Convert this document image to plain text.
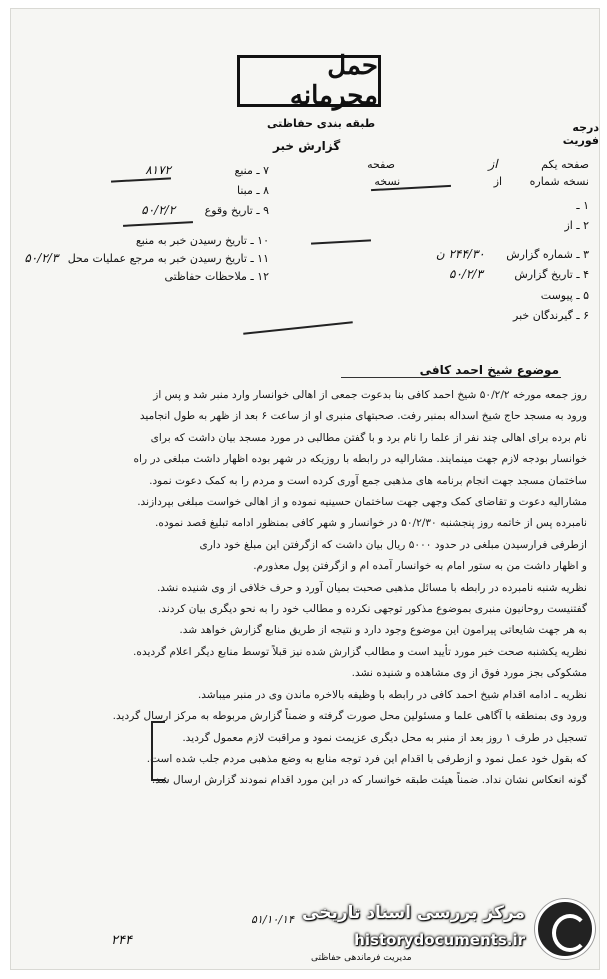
حمل محرمانه
طبقه بندی حفاظتی
گزارش خبر
درجه فوریت
صفحه یکم از صفحه
نسخه شماره از نسخه
۱ ـ
۲ ـ از
۳ ـ شماره گزارش ۲۴۴/۳۰ ن
۴ ـ تاریخ گزارش ۵۰/۲/۳
۵ ـ پیوست
۶ ـ گیرندگان خبر
۷ ـ منبع ۸۱۷۲
۸ ـ مبنا
۹ ـ تاریخ وقوع ۵۰/۲/۲
۱۰ ـ تاریخ رسیدن خبر به منبع
۱۱ ـ تاریخ رسیدن خبر به مرجع عملیات محل ۵۰/۲/۳
۱۲ ـ ملاحظات حفاظتی
موضوع شیخ احمد کافی

روز جمعه مورخه ۵۰/۲/۲ شیخ احمد کافی بنا بدعوت جمعی از اهالی خوانسار وارد منبر شد و پس از

ورود به مسجد حاج شیخ اسداله بمنبر رفت. صحبتهای منبری او از ساعت ۶ بعد از ظهر به طول انجامید

نام برده برای اهالی چند نفر از علما را نام برد و با گفتن مطالبی در مورد مسجد بیان داشت که برای

خوانسار بودجه لازم جهت مینمایند. مشارالیه در رابطه با روزیکه در شهر بوده اظهار داشت مبلغی در راه

ساختمان مسجد جهت انجام برنامه های مذهبی جمع آوری کرده است و مردم را به کمک دعوت نمود.

مشارالیه دعوت و تقاضای کمک وجهی جهت ساختمان حسینیه نموده و از اهالی خواست مبلغی بپردازند.

نامبرده پس از خاتمه روز پنجشنبه ۵۰/۲/۳۰ در خوانسار و شهر کافی بمنظور ادامه تبلیغ قصد نموده.

ازطرفی فرارسیدن مبلغی در حدود ۵۰۰۰ ریال بیان داشت که ازگرفتن این مبلغ خود داری

و اظهار داشت من به ستور امام به خوانسار آمده ام و ازگرفتن پول معذورم.

نظریه شنبه نامبرده در رابطه با مسائل مذهبی صحبت بمیان آورد و حرف خلافی از وی شنیده نشد.

گفتنیست روحانیون منبری بموضوع مذکور توجهی نکرده و مطالب خود را به نحو دیگری بیان کردند.

به هر جهت شایعاتی پیرامون این موضوع وجود دارد و نتیجه از طریق منابع گزارش خواهد شد.

نظریه یکشنبه صحت خبر مورد تأیید است و مطالب گزارش شده نیز قبلاً توسط منابع دیگر اعلام گردیده.

مشکوکی بجز مورد فوق از وی مشاهده و شنیده نشد.

نظریه ـ ادامه اقدام شیخ احمد کافی در رابطه با وظیفه بالاخره ماندن وی در منبر میباشد.

ورود وی بمنطقه با آگاهی علما و مسئولین محل صورت گرفته و ضمناً گزارش مربوطه به مرکز ارسال گردید.

تسجیل در طرف ۱ روز بعد از منبر به محل دیگری عزیمت نمود و مراقبت لازم معمول گردید.

که بقول خود عمل نمود و ازطرفی با اقدام این فرد توجه منابع به وضع مذهبی مردم جلب شده است.

گونه انعکاس نشان نداد. ضمناً هیئت طبقه خوانسار که در این مورد اقدام نمودند گزارش ارسال شد.

۲۴۴
۵۱/۱۰/۱۴
مدیریت فرماندهی حفاظتی
مرکز بررسی اسناد تاریخی
historydocuments.ir
